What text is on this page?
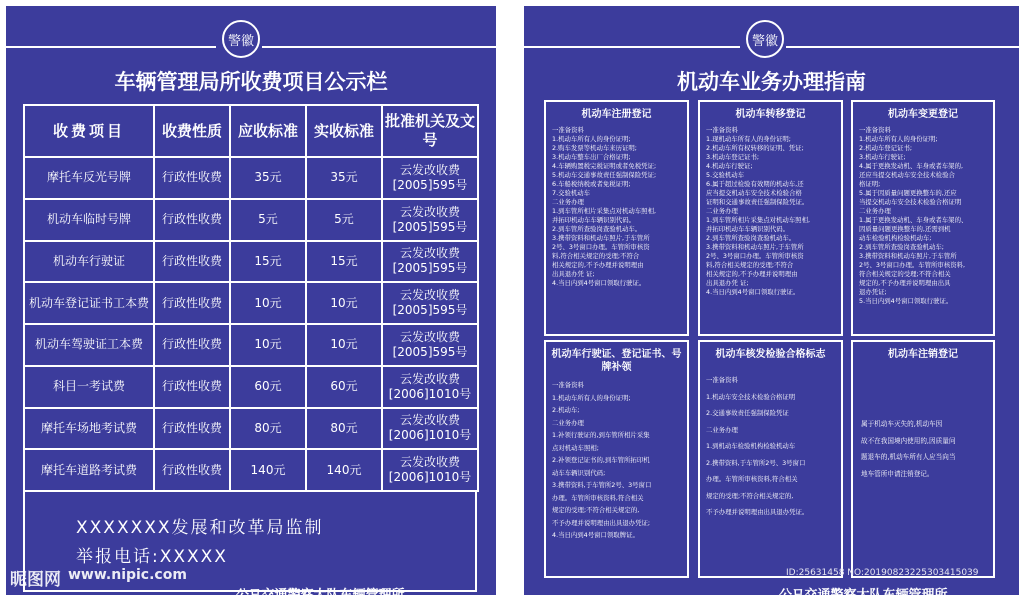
警徽
车辆管理局所收费项目公示栏
收费项目	收费性质	应收标准	实收标准	批准机关及文号
摩托车反光号牌	行政性收费	35元	35元	云发改收费[2005]595号
机动车临时号牌	行政性收费	5元	5元	云发改收费[2005]595号
机动车行驶证	行政性收费	15元	15元	云发改收费[2005]595号
机动车登记证书工本费	行政性收费	10元	10元	云发改收费[2005]595号
机动车驾驶证工本费	行政性收费	10元	10元	云发改收费[2005]595号
科目一考试费	行政性收费	60元	60元	云发改收费[2006]1010号
摩托车场地考试费	行政性收费	80元	80元	云发改收费[2006]1010号
摩托车道路考试费	行政性收费	140元	140元	云发改收费[2006]1010号
XXXXXXX发展和改革局监制
举报电话:XXXXX
公므交通警察大队车辆管理所
警徽
机动车业务办理指南
机动车注册登记
一准备资料
1.机动车所有人的身份证明;
2.购车发票等机动车来历证明;
3.机动车整车出厂合格证明;
4.车辆购置税完税证明或者免税凭证;
5.机动车交通事故责任强制保险凭证;
6.车船税纳税或者免税证明;
7.交验机动车
二业务办理
1.到车管所相片采集点对机动车照相,
并拓印机动车车辆识别代码。
2.到车管所查验岗查验机动车。
3.携带资料和机动车照片,于车管所
2号、3号窗口办理。车管所审核资
料,符合相关规定的受理;不符合
相关规定的,不予办理并说明理由
出具退办凭 证;
4.当日内到4号窗口领取行驶证。
机动车转移登记
一准备资料
1.现机动车所有人的身份证明;
2.机动车所有权转移的证明、凭证;
3.机动车登记证书;
4.机动车行驶证;
5.交验机动车
6.属于超过检验有效期的机动车,还
应当提交机动车安全技术检验合格
证明和交通事故责任强制保险凭证。
二业务办理
1.到车管所相片采集点对机动车照相,
并拓印机动车车辆识别代码。
2.到车管所查验岗查验机动车。
3.携带资料和机动车照片,于车管所
2号、3号窗口办理。车管所审核资
料,符合相关规定的受理;不符合
相关规定的,不予办理并说明理由
出具退办凭 证;
4.当日内到4号窗口领取行驶证。
机动车变更登记
一准备资料
1.机动车所有人的身份证明;
2.机动车登记证书;
3.机动车行驶证;
4.属于更换发动机、车身或者车架的,
还应当提交机动车安全技术检验合
格证明;
5.属于因质量问题更换整车的,还应
当提交机动车安全技术检验合格证明
二业务办理
1.属于更换发动机、车身或者车架的、
因质量问题更换整车的,还需到机
动车检验机构检验机动车;
2.到车管所查验岗查验机动车;
3.携带资料和机动车照片,于车管所
2号、3号窗口办理。车管所审核资料,
符合相关规定的受理;不符合相关
规定的,不予办理并说明理由出具
退办凭证;
5.当日内到4号窗口领取行驶证。
机动车行驶证、登记证书、号牌补领
一准备资料
1.机动车所有人的身份证明;
2.机动车;
二业务办理
1.补领行驶证的,到车管所相片采集
点对机动车照相;
2.补领登记证书的,到车管所拓印机
动车车辆识别代码;
3.携带资料,于车管所2号、3号窗口
办理。车管所审核资料,符合相关
规定的受理;不符合相关规定的,
不予办理并说明理由出具退办凭证;
4.当日内到4号窗口领取牌证。
机动车核发检验合格标志
一准备资料
1.机动车安全技术检验合格证明
2.交通事故责任强制保险凭证
二业务办理
1.到机动车检验机构检验机动车
2.携带资料,于车管所2号、3号窗口
办理。车管所审核资料,符合相关
规定的受理;不符合相关规定的,
不予办理并说明理由出具退办凭证。
机动车注销登记
属于机动车灭失的,机动车因
故不在我国境内使用的,因质量问
题退车的,机动车所有人应当向当
地车管所申请注销登记。
公므交通警察大队车辆管理所
昵图网 www.nipic.com	ID:25631458 NO:20190823225303415039
